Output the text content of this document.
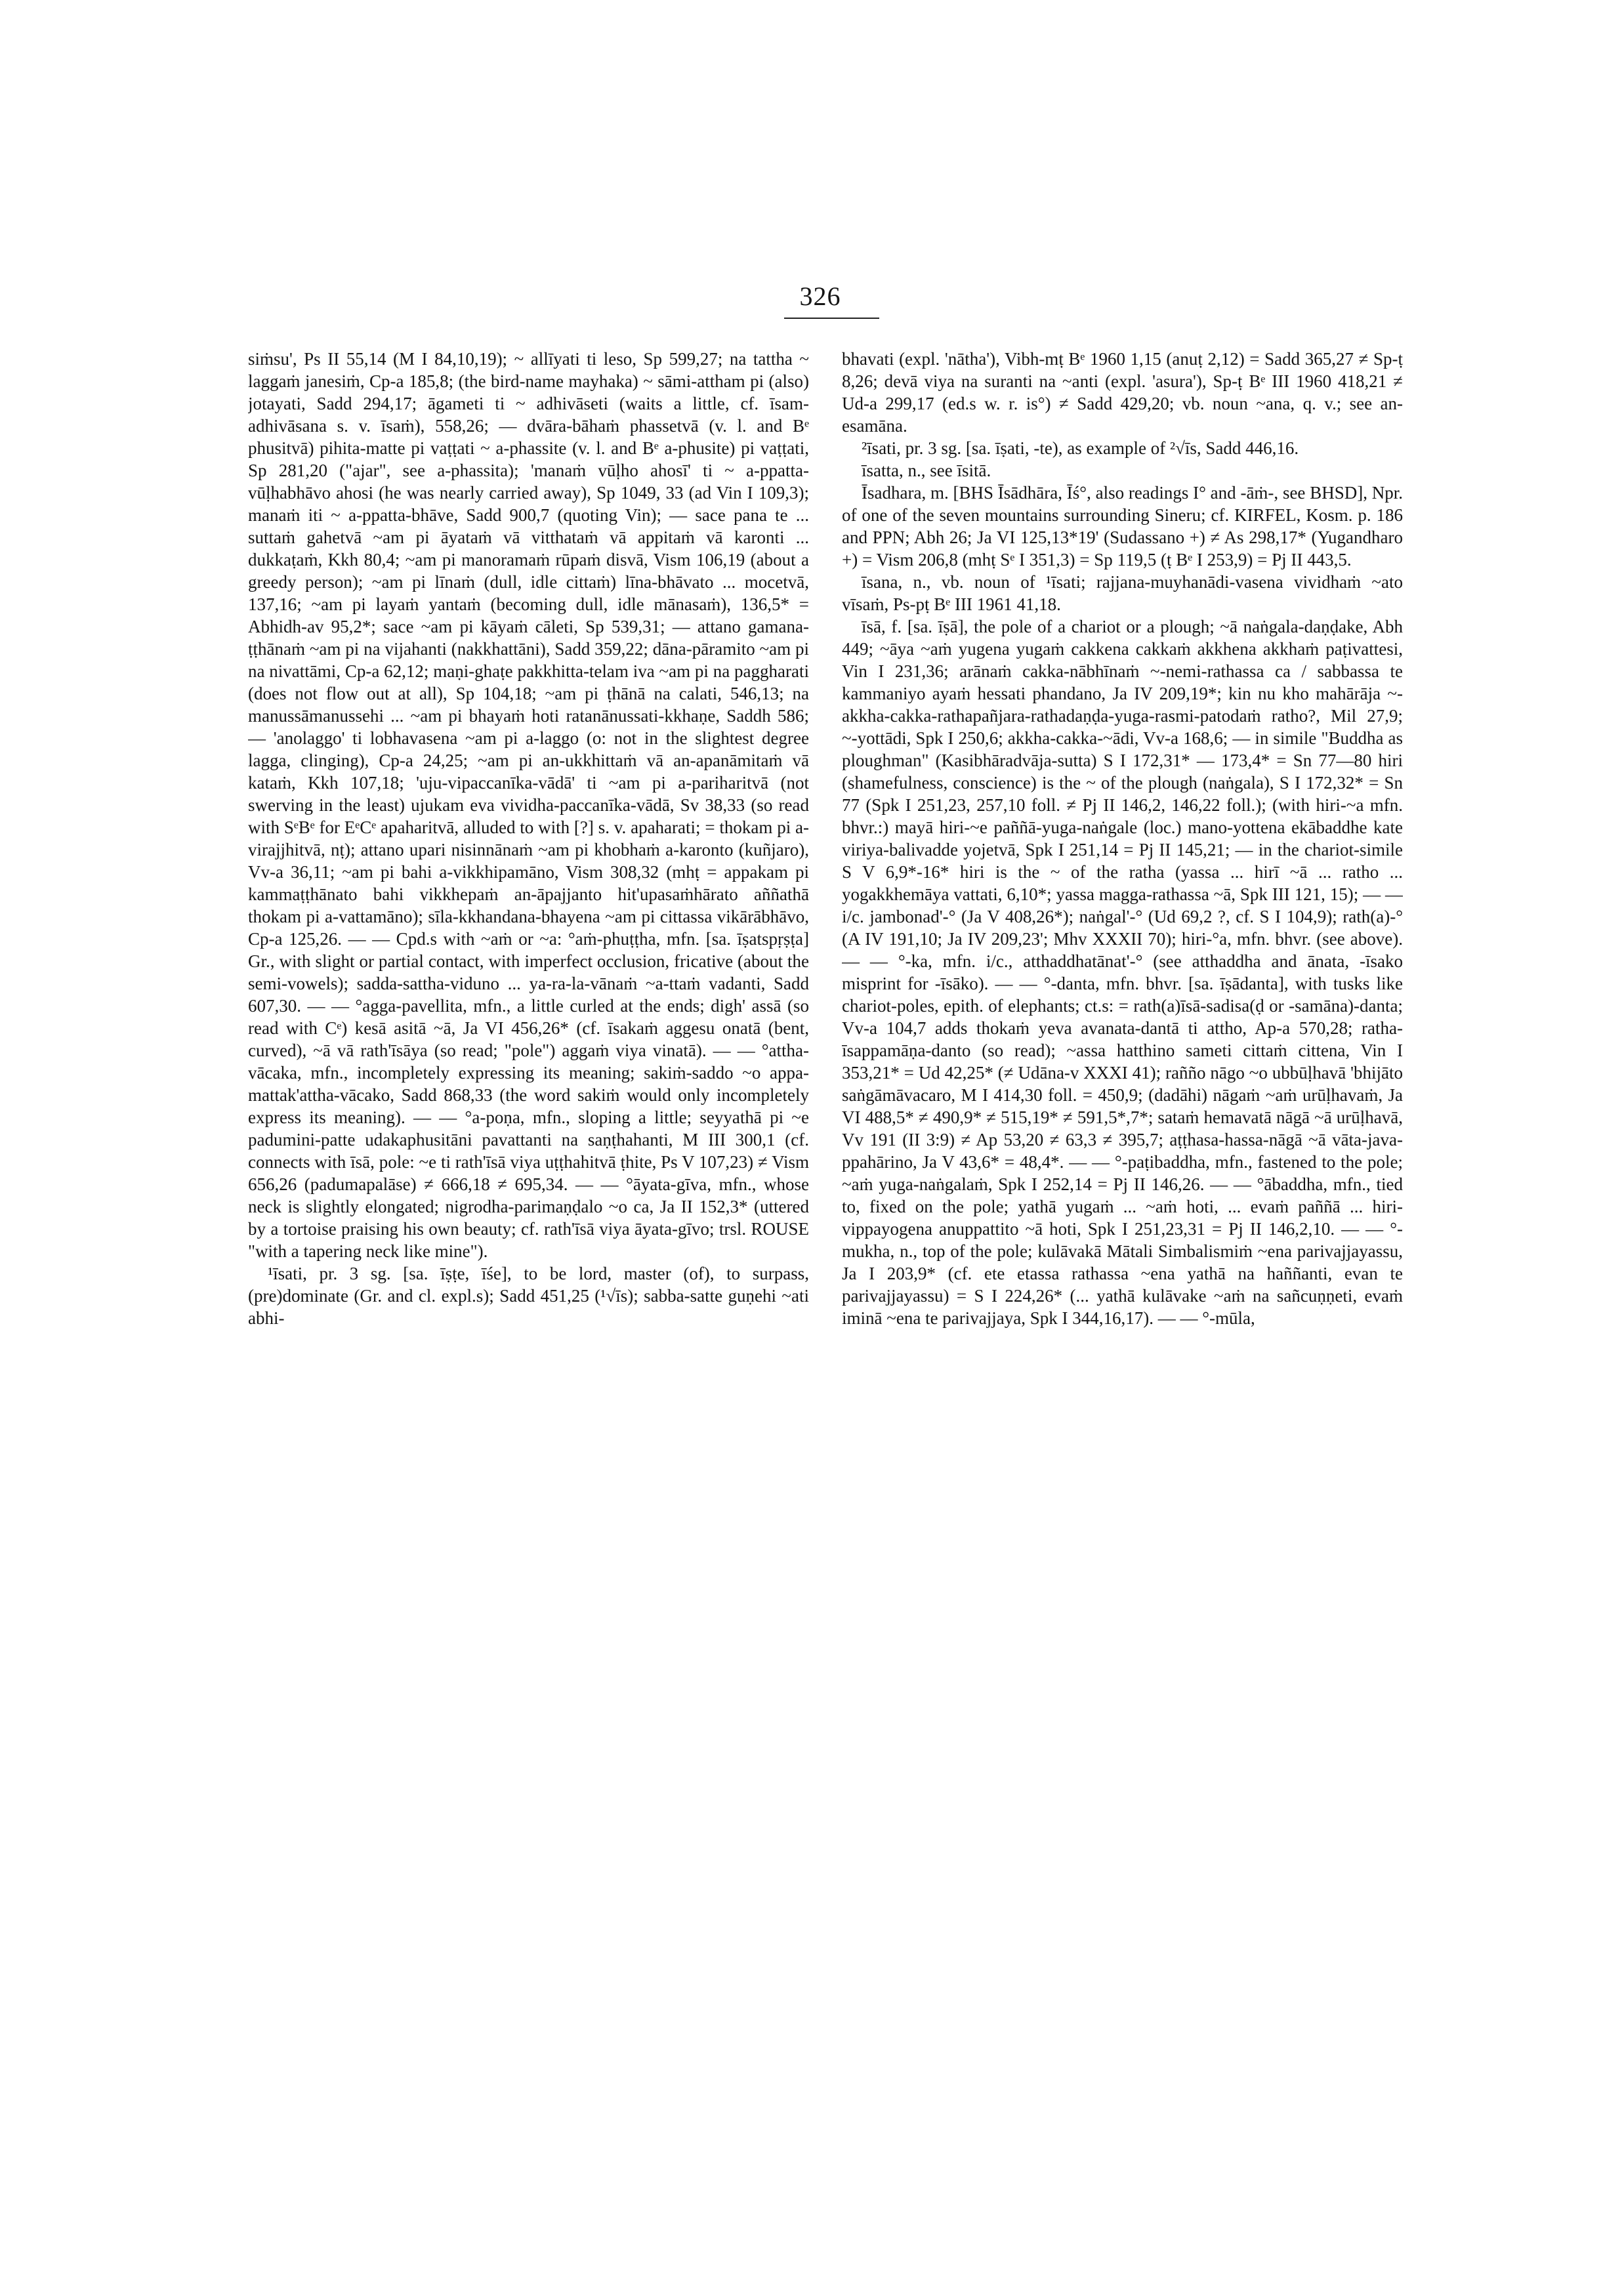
326

siṁsu', Ps II 55,14 (M I 84,10,19); ~ allīyati ti leso, Sp 599,27; na tattha ~ laggaṁ janesiṁ, Cp-a 185,8; (the bird-name mayhaka) ~ sāmi-attham pi (also) jotayati, Sadd 294,17; āgameti ti ~ adhivāseti (waits a little, cf. īsam-adhivāsana s. v. īsaṁ), 558,26; — dvāra-bāhaṁ phassetvā (v. l. and Bᵉ phusitvā) pihita-matte pi vaṭṭati ~ a-phassite (v. l. and Bᵉ a-phusite) pi vaṭṭati, Sp 281,20 ("ajar", see a-phassita); 'manaṁ vūḷho ahosī' ti ~ a-ppatta-vūḷhabhāvo ahosi (he was nearly carried away), Sp 1049, 33 (ad Vin I 109,3); manaṁ iti ~ a-ppatta-bhāve, Sadd 900,7 (quoting Vin); — sace pana te ... suttaṁ gahetvā ~am pi āyataṁ vā vitthataṁ vā appitaṁ vā karonti ... dukkaṭaṁ, Kkh 80,4; ~am pi manoramaṁ rūpaṁ disvā, Vism 106,19 (about a greedy person); ~am pi līnaṁ (dull, idle cittaṁ) līna-bhāvato ... mocetvā, 137,16; ~am pi layaṁ yantaṁ (becoming dull, idle mānasaṁ), 136,5* = Abhidh-av 95,2*; sace ~am pi kāyaṁ cāleti, Sp 539,31; — attano gamana-ṭṭhānaṁ ~am pi na vijahanti (nakkhattāni), Sadd 359,22; dāna-pāramito ~am pi na nivattāmi, Cp-a 62,12; maṇi-ghaṭe pakkhitta-telam iva ~am pi na paggharati (does not flow out at all), Sp 104,18; ~am pi ṭhānā na calati, 546,13; na manussāmanussehi ... ~am pi bhayaṁ hoti ratanānussati-kkhaṇe, Saddh 586; — 'anolaggo' ti lobhavasena ~am pi a-laggo (o: not in the slightest degree lagga, clinging), Cp-a 24,25; ~am pi an-ukkhittaṁ vā an-apanāmitaṁ vā kataṁ, Kkh 107,18; 'uju-vipaccanīka-vādā' ti ~am pi a-pariharitvā (not swerving in the least) ujukam eva vividha-paccanīka-vādā, Sv 38,33 (so read with SᵉBᵉ for EᵉCᵉ apaharitvā, alluded to with [?] s. v. apaharati; = thokam pi a-virajjhitvā, nṭ); attano upari nisinnānaṁ ~am pi khobhaṁ a-karonto (kuñjaro), Vv-a 36,11; ~am pi bahi a-vikkhipamāno, Vism 308,32 (mhṭ = appakam pi kammaṭṭhānato bahi vikkhepaṁ an-āpajjanto hit'upasaṁhārato aññathā thokam pi a-vattamāno); sīla-kkhandana-bhayena ~am pi cittassa vikārābhāvo, Cp-a 125,26. — — Cpd.s with ~aṁ or ~a: °aṁ-phuṭṭha, mfn. [sa. īṣatspṛṣṭa] Gr., with slight or partial contact, with imperfect occlusion, fricative (about the semi-vowels); sadda-sattha-viduno ... ya-ra-la-vānaṁ ~a-ttaṁ vadanti, Sadd 607,30. — — °agga-pavellita, mfn., a little curled at the ends; digh' assā (so read with Cᵉ) kesā asitā ~ā, Ja VI 456,26* (cf. īsakaṁ aggesu onatā (bent, curved), ~ā vā rath'īsāya (so read; "pole") aggaṁ viya vinatā). — — °attha-vācaka, mfn., incompletely expressing its meaning; sakiṁ-saddo ~o appa-mattak'attha-vācako, Sadd 868,33 (the word sakiṁ would only incompletely express its meaning). — — °a-poṇa, mfn., sloping a little; seyyathā pi ~e padumini-patte udakaphusitāni pavattanti na saṇṭhahanti, M III 300,1 (cf. connects with īsā, pole: ~e ti rath'īsā viya uṭṭhahitvā ṭhite, Ps V 107,23) ≠ Vism 656,26 (padumapalāse) ≠ 666,18 ≠ 695,34. — — °āyata-gīva, mfn., whose neck is slightly elongated; nigrodha-parimaṇḍalo ~o ca, Ja II 152,3* (uttered by a tortoise praising his own beauty; cf. rath'īsā viya āyata-gīvo; trsl. ROUSE "with a tapering neck like mine").

¹īsati, pr. 3 sg. [sa. īṣṭe, īśe], to be lord, master (of), to surpass, (pre)dominate (Gr. and cl. expl.s); Sadd 451,25 (¹√īs); sabba-satte guṇehi ~ati abhi-

bhavati (expl. 'nātha'), Vibh-mṭ Bᵉ 1960 1,15 (anuṭ 2,12) = Sadd 365,27 ≠ Sp-ṭ 8,26; devā viya na suranti na ~anti (expl. 'asura'), Sp-ṭ Bᵉ III 1960 418,21 ≠ Ud-a 299,17 (ed.s w. r. is°) ≠ Sadd 429,20; vb. noun ~ana, q. v.; see an-esamāna.

²īsati, pr. 3 sg. [sa. īṣati, -te), as example of ²√īs, Sadd 446,16.

īsatta, n., see īsitā.

Īsadhara, m. [BHS Īsādhāra, Īś°, also readings I° and -āṁ-, see BHSD], Npr. of one of the seven mountains surrounding Sineru; cf. KIRFEL, Kosm. p. 186 and PPN; Abh 26; Ja VI 125,13*19' (Sudassano +) ≠ As 298,17* (Yugandharo +) = Vism 206,8 (mhṭ Sᵉ I 351,3) = Sp 119,5 (ṭ Bᵉ I 253,9) = Pj II 443,5.

īsana, n., vb. noun of ¹īsati; rajjana-muyhanādi-vasena vividhaṁ ~ato vīsaṁ, Ps-pṭ Bᵉ III 1961 41,18.

īsā, f. [sa. īṣā], the pole of a chariot or a plough; ~ā naṅgala-daṇḍake, Abh 449; ~āya ~aṁ yugena yugaṁ cakkena cakkaṁ akkhena akkhaṁ paṭivattesi, Vin I 231,36; arānaṁ cakka-nābhīnaṁ ~-nemi-rathassa ca / sabbassa te kammaniyo ayaṁ hessati phandano, Ja IV 209,19*; kin nu kho mahārāja ~-akkha-cakka-rathapañjara-rathadaṇḍa-yuga-rasmi-patodaṁ ratho?, Mil 27,9; ~-yottādi, Spk I 250,6; akkha-cakka-~ādi, Vv-a 168,6; — in simile "Buddha as ploughman" (Kasibhāradvāja-sutta) S I 172,31* — 173,4* = Sn 77—80 hiri (shamefulness, conscience) is the ~ of the plough (naṅgala), S I 172,32* = Sn 77 (Spk I 251,23, 257,10 foll. ≠ Pj II 146,2, 146,22 foll.); (with hiri-~a mfn. bhvr.:) mayā hiri-~e paññā-yuga-naṅgale (loc.) mano-yottena ekābaddhe kate viriya-balivadde yojetvā, Spk I 251,14 = Pj II 145,21; — in the chariot-simile S V 6,9*-16* hiri is the ~ of the ratha (yassa ... hirī ~ā ... ratho ... yogakkhemāya vattati, 6,10*; yassa magga-rathassa ~ā, Spk III 121, 15); — — i/c. jambonad'-° (Ja V 408,26*); naṅgal'-° (Ud 69,2 ?, cf. S I 104,9); rath(a)-° (A IV 191,10; Ja IV 209,23'; Mhv XXXII 70); hiri-°a, mfn. bhvr. (see above). — — °-ka, mfn. i/c., atthaddhatānat'-° (see atthaddha and ānata, -īsako misprint for -īsāko). — — °-danta, mfn. bhvr. [sa. īṣādanta], with tusks like chariot-poles, epith. of elephants; ct.s: = rath(a)īsā-sadisa(ḍ or -samāna)-danta; Vv-a 104,7 adds thokaṁ yeva avanata-dantā ti attho, Ap-a 570,28; ratha-īsappamāṇa-danto (so read); ~assa hatthino sameti cittaṁ cittena, Vin I 353,21* = Ud 42,25* (≠ Udāna-v XXXI 41); rañño nāgo ~o ubbūḷhavā 'bhijāto saṅgāmāvacaro, M I 414,30 foll. = 450,9; (dadāhi) nāgaṁ ~aṁ urūḷhavaṁ, Ja VI 488,5* ≠ 490,9* ≠ 515,19* ≠ 591,5*,7*; sataṁ hemavatā nāgā ~ā urūḷhavā, Vv 191 (II 3:9) ≠ Ap 53,20 ≠ 63,3 ≠ 395,7; aṭṭhasa-hassa-nāgā ~ā vāta-java-ppahārino, Ja V 43,6* = 48,4*. — — °-paṭibaddha, mfn., fastened to the pole; ~aṁ yuga-naṅgalaṁ, Spk I 252,14 = Pj II 146,26. — — °ābaddha, mfn., tied to, fixed on the pole; yathā yugaṁ ... ~aṁ hoti, ... evaṁ paññā ... hiri-vippayogena anuppattito ~ā hoti, Spk I 251,23,31 = Pj II 146,2,10. — — °-mukha, n., top of the pole; kulāvakā Mātali Simbalismiṁ ~ena parivajjayassu, Ja I 203,9* (cf. ete etassa rathassa ~ena yathā na haññanti, evan te parivajjayassu) = S I 224,26* (... yathā kulāvake ~aṁ na sañcuṇṇeti, evaṁ iminā ~ena te parivajjaya, Spk I 344,16,17). — — °-mūla,
